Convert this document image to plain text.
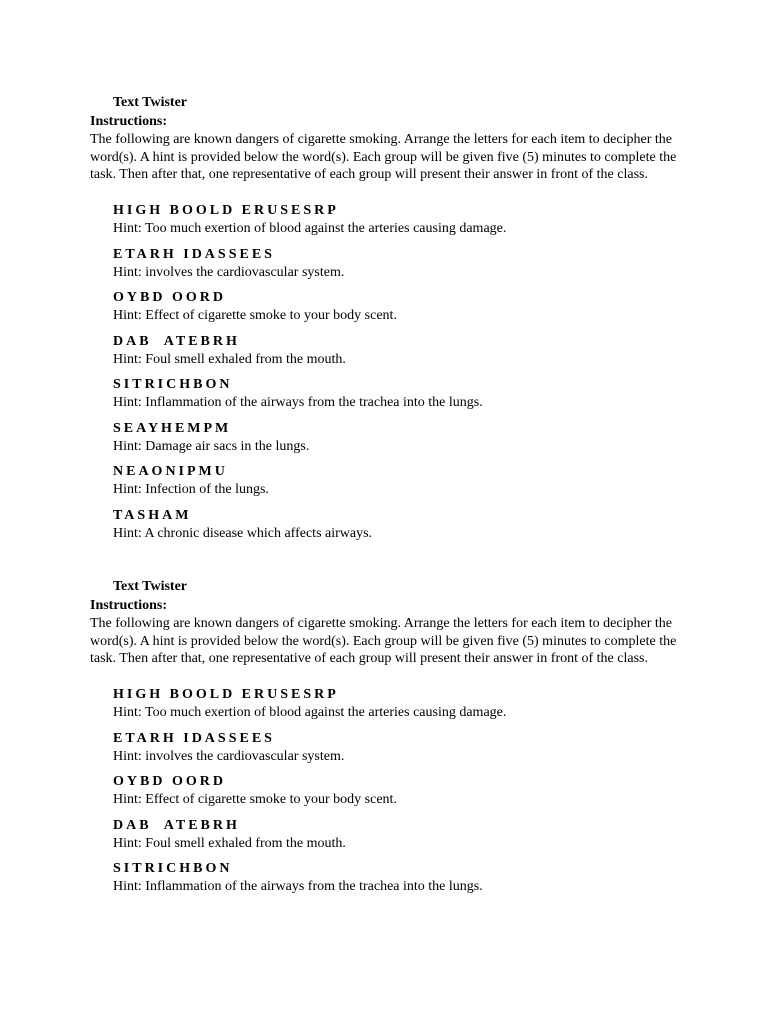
Text Twister
Instructions:
The following are known dangers of cigarette smoking. Arrange the letters for each item to decipher the word(s). A hint is provided below the word(s). Each group will be given five (5) minutes to complete the task. Then after that, one representative of each group will present their answer in front of the class.
HIGH BOOLD ERUSESRP
Hint: Too much exertion of blood against the arteries causing damage.
ETARH IDASSEES
Hint: involves the cardiovascular system.
OYBD OORD
Hint: Effect of cigarette smoke to your body scent.
DAB  ATEBRH
Hint: Foul smell exhaled from the mouth.
SITRICHBON
Hint: Inflammation of the airways from the trachea into the lungs.
SEAYHEMPM
Hint: Damage air sacs in the lungs.
NEAONIPMU
Hint: Infection of the lungs.
TASHAM
Hint: A chronic disease which affects airways.
Text Twister
Instructions:
The following are known dangers of cigarette smoking. Arrange the letters for each item to decipher the word(s). A hint is provided below the word(s). Each group will be given five (5) minutes to complete the task. Then after that, one representative of each group will present their answer in front of the class.
HIGH BOOLD ERUSESRP
Hint: Too much exertion of blood against the arteries causing damage.
ETARH IDASSEES
Hint: involves the cardiovascular system.
OYBD OORD
Hint: Effect of cigarette smoke to your body scent.
DAB  ATEBRH
Hint: Foul smell exhaled from the mouth.
SITRICHBON
Hint: Inflammation of the airways from the trachea into the lungs.
